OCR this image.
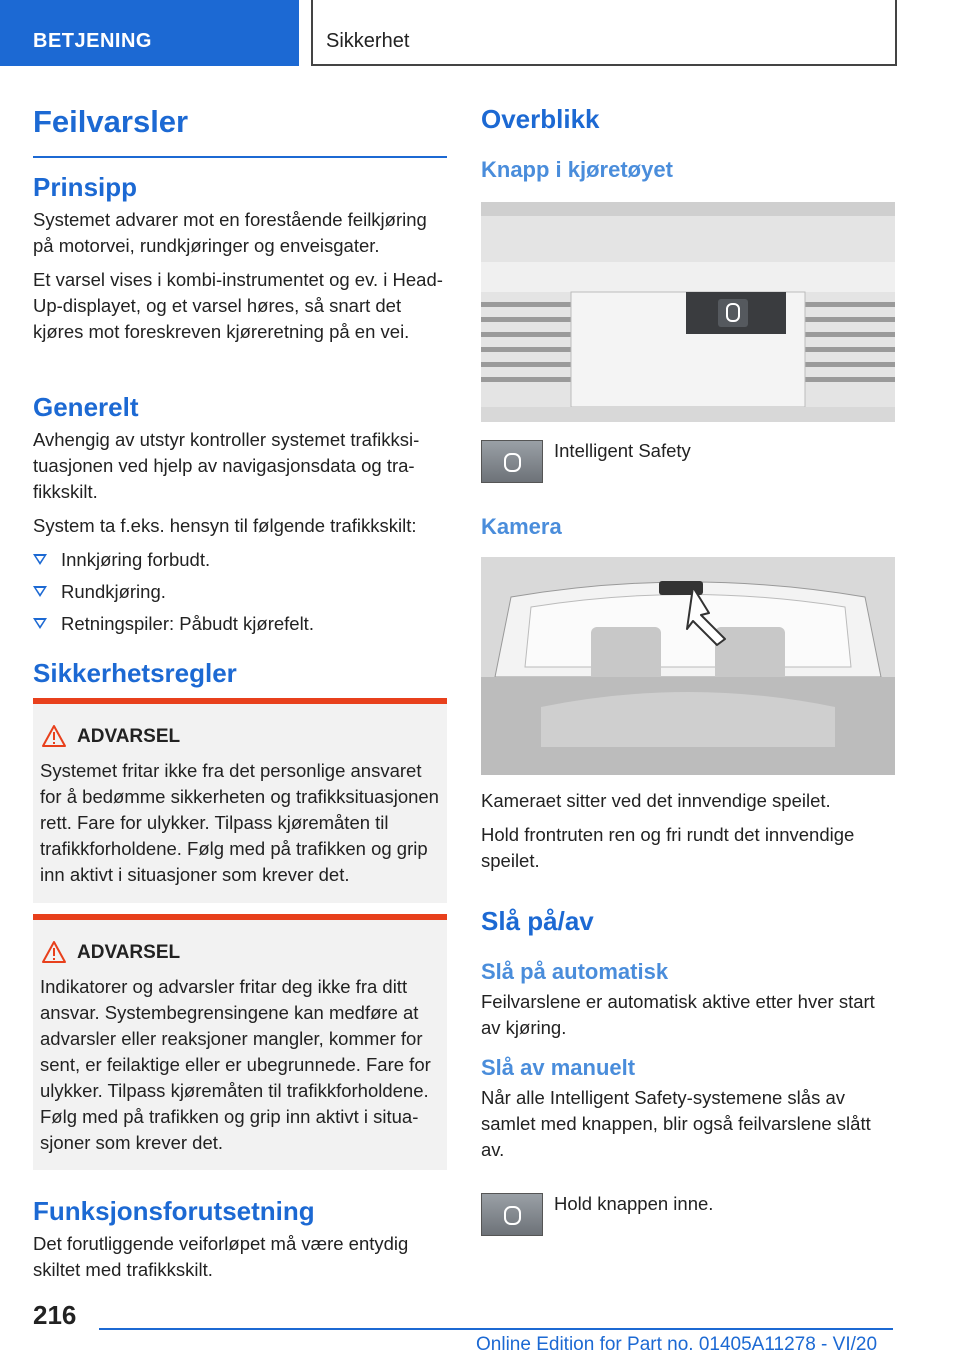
BETJENING	Sikkerhet
Feilvarsler
Prinsipp

Systemet advarer mot en forestående feilkjøring på motorvei, rundkjøringer og enveisgater.

Et varsel vises i kombi-instrumentet og ev. i Head-Up-displayet, og et varsel høres, så snart det kjøres mot foreskreven kjøreretning på en vei.

Generelt

Avhengig av utstyr kontroller systemet trafikksituasjonen ved hjelp av navigasjonsdata og trafikkskilt.

System ta f.eks. hensyn til følgende trafikkskilt:

Innkjøring forbudt.
Rundkjøring.
Retningspiler: Påbudt kjørefelt.
Sikkerhetsregler
ADVARSEL

Systemet fritar ikke fra det personlige ansvaret for å bedømme sikkerheten og trafikksituasjonen rett. Fare for ulykker. Tilpass kjøremåten til trafikkforholdene. Følg med på trafikken og grip inn aktivt i situasjoner som krever det.

ADVARSEL

Indikatorer og advarsler fritar deg ikke fra ditt ansvar. Systembegrensingene kan medføre at advarsler eller reaksjoner mangler, kommer for sent, er feilaktige eller er ubegrunnede. Fare for ulykker. Tilpass kjøremåten til trafikkforholdene. Følg med på trafikken og grip inn aktivt i situasjoner som krever det.

Funksjonsforutsetning

Det forutliggende veiforløpet må være entydig skiltet med trafikkskilt.

Overblikk
Knapp i kjøretøyet

Intelligent Safety

Kamera

Kameraet sitter ved det innvendige speilet.

Hold frontruten ren og fri rundt det innvendige speilet.

Slå på/av
Slå på automatisk

Feilvarslene er automatisk aktive etter hver start av kjøring.

Slå av manuelt

Når alle Intelligent Safety-systemene slås av samlet med knappen, blir også feilvarslene slått av.

Hold knappen inne.

216
Online Edition for Part no. 01405A11278 - VI/20
